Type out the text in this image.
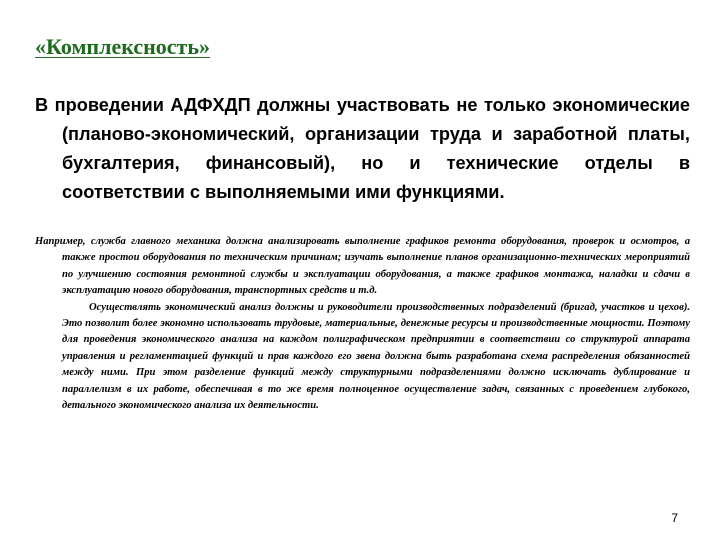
«Комплексность»

В проведении АДФХДП должны участвовать не только экономические (планово-экономический, организации труда и заработной платы, бухгалтерия, финансовый), но и технические отделы в соответствии с выполняемыми ими функциями.

Например, служба главного механика должна анализировать выполнение графиков ремонта оборудования, проверок и осмотров, а также простои оборудования по техническим причинам; изучать выполнение планов организационно-технических мероприятий по улучшению состояния ремонтной службы и эксплуатации оборудования, а также графиков монтажа, наладки и сдачи в эксплуатацию нового оборудования, транспортных средств и т.д.

Осуществлять экономический анализ должны и руководители производственных подразделений (бригад, участков и цехов). Это позволит более экономно использовать трудовые, материальные, денежные ресурсы и производственные мощности. Поэтому для проведения экономического анализа на каждом полиграфическом предприятии в соответствии со структурой аппарата управления и регламентацией функций и прав каждого его звена должна быть разработана схема распределения обязанностей между ними. При этом разделение функций между структурными подразделениями должно исключать дублирование и параллелизм в их работе, обеспечивая в то же время полноценное осуществление задач, связанных с проведением глубокого, детального экономического анализа их деятельности.

7
